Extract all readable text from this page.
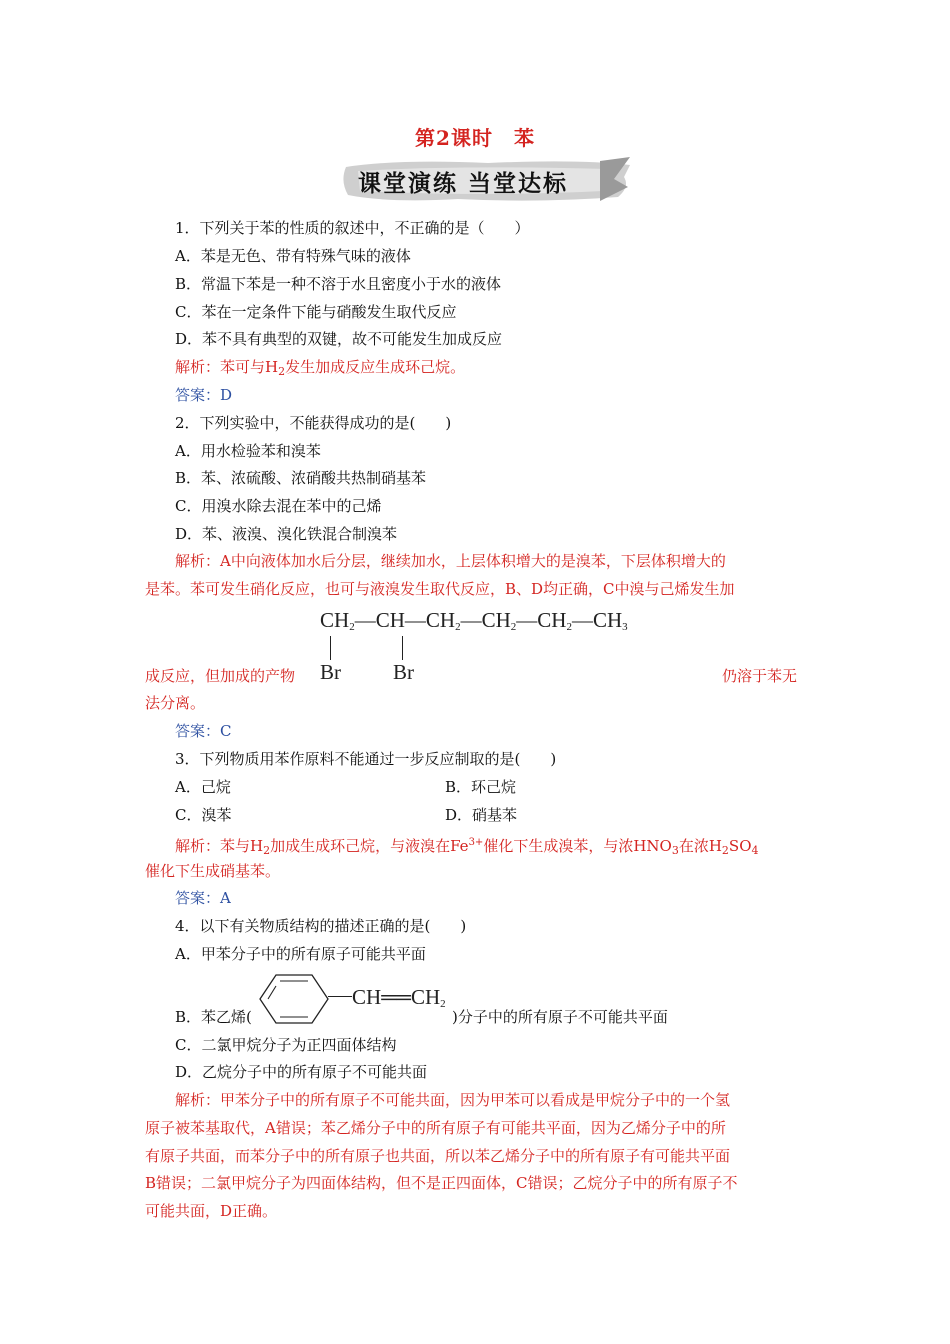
第2课时　苯
课堂演练 当堂达标
1．下列关于苯的性质的叙述中，不正确的是（　　）
A．苯是无色、带有特殊气味的液体
B．常温下苯是一种不溶于水且密度小于水的液体
C．苯在一定条件下能与硝酸发生取代反应
D．苯不具有典型的双键，故不可能发生加成反应
解析：苯可与$H_2$发生加成反应生成环己烷。
答案：D
2．下列实验中，不能获得成功的是(　　)
A．用水检验苯和溴苯
B．苯、浓硫酸、浓硝酸共热制硝基苯
C．用溴水除去混在苯中的己烯
D．苯、液溴、溴化铁混合制溴苯
解析：A中向液体加水后分层，继续加水，上层体积增大的是溴苯，下层体积增大的
是苯。苯可发生硝化反应，也可与液溴发生取代反应，B、D均正确，C中溴与己烯发生加
$CH_2—CH—CH_2—CH_2—CH_2—CH_3$
Br Br
成反应，但加成的产物	仍溶于苯无
法分离。
答案：C
3．下列物质用苯作原料不能通过一步反应制取的是(　　)
A．己烷	B．环己烷
C．溴苯	D．硝基苯
解析：苯与$H_2$加成生成环己烷，与液溴在$Fe^{3+}$催化下生成溴苯，与浓$HNO_3$在浓$H_2SO_4$
催化下生成硝基苯。
答案：A
4．以下有关物质结构的描述正确的是(　　)
A．甲苯分子中的所有原子可能共平面
B．苯乙烯(
$CH══CH_2$
)分子中的所有原子不可能共平面
C．二氯甲烷分子为正四面体结构
D．乙烷分子中的所有原子不可能共面
解析：甲苯分子中的所有原子不可能共面，因为甲苯可以看成是甲烷分子中的一个氢
原子被苯基取代，A错误；苯乙烯分子中的所有原子有可能共平面，因为乙烯分子中的所
有原子共面，而苯分子中的所有原子也共面，所以苯乙烯分子中的所有原子有可能共平面
B错误；二氯甲烷分子为四面体结构，但不是正四面体，C错误；乙烷分子中的所有原子不
可能共面，D正确。
